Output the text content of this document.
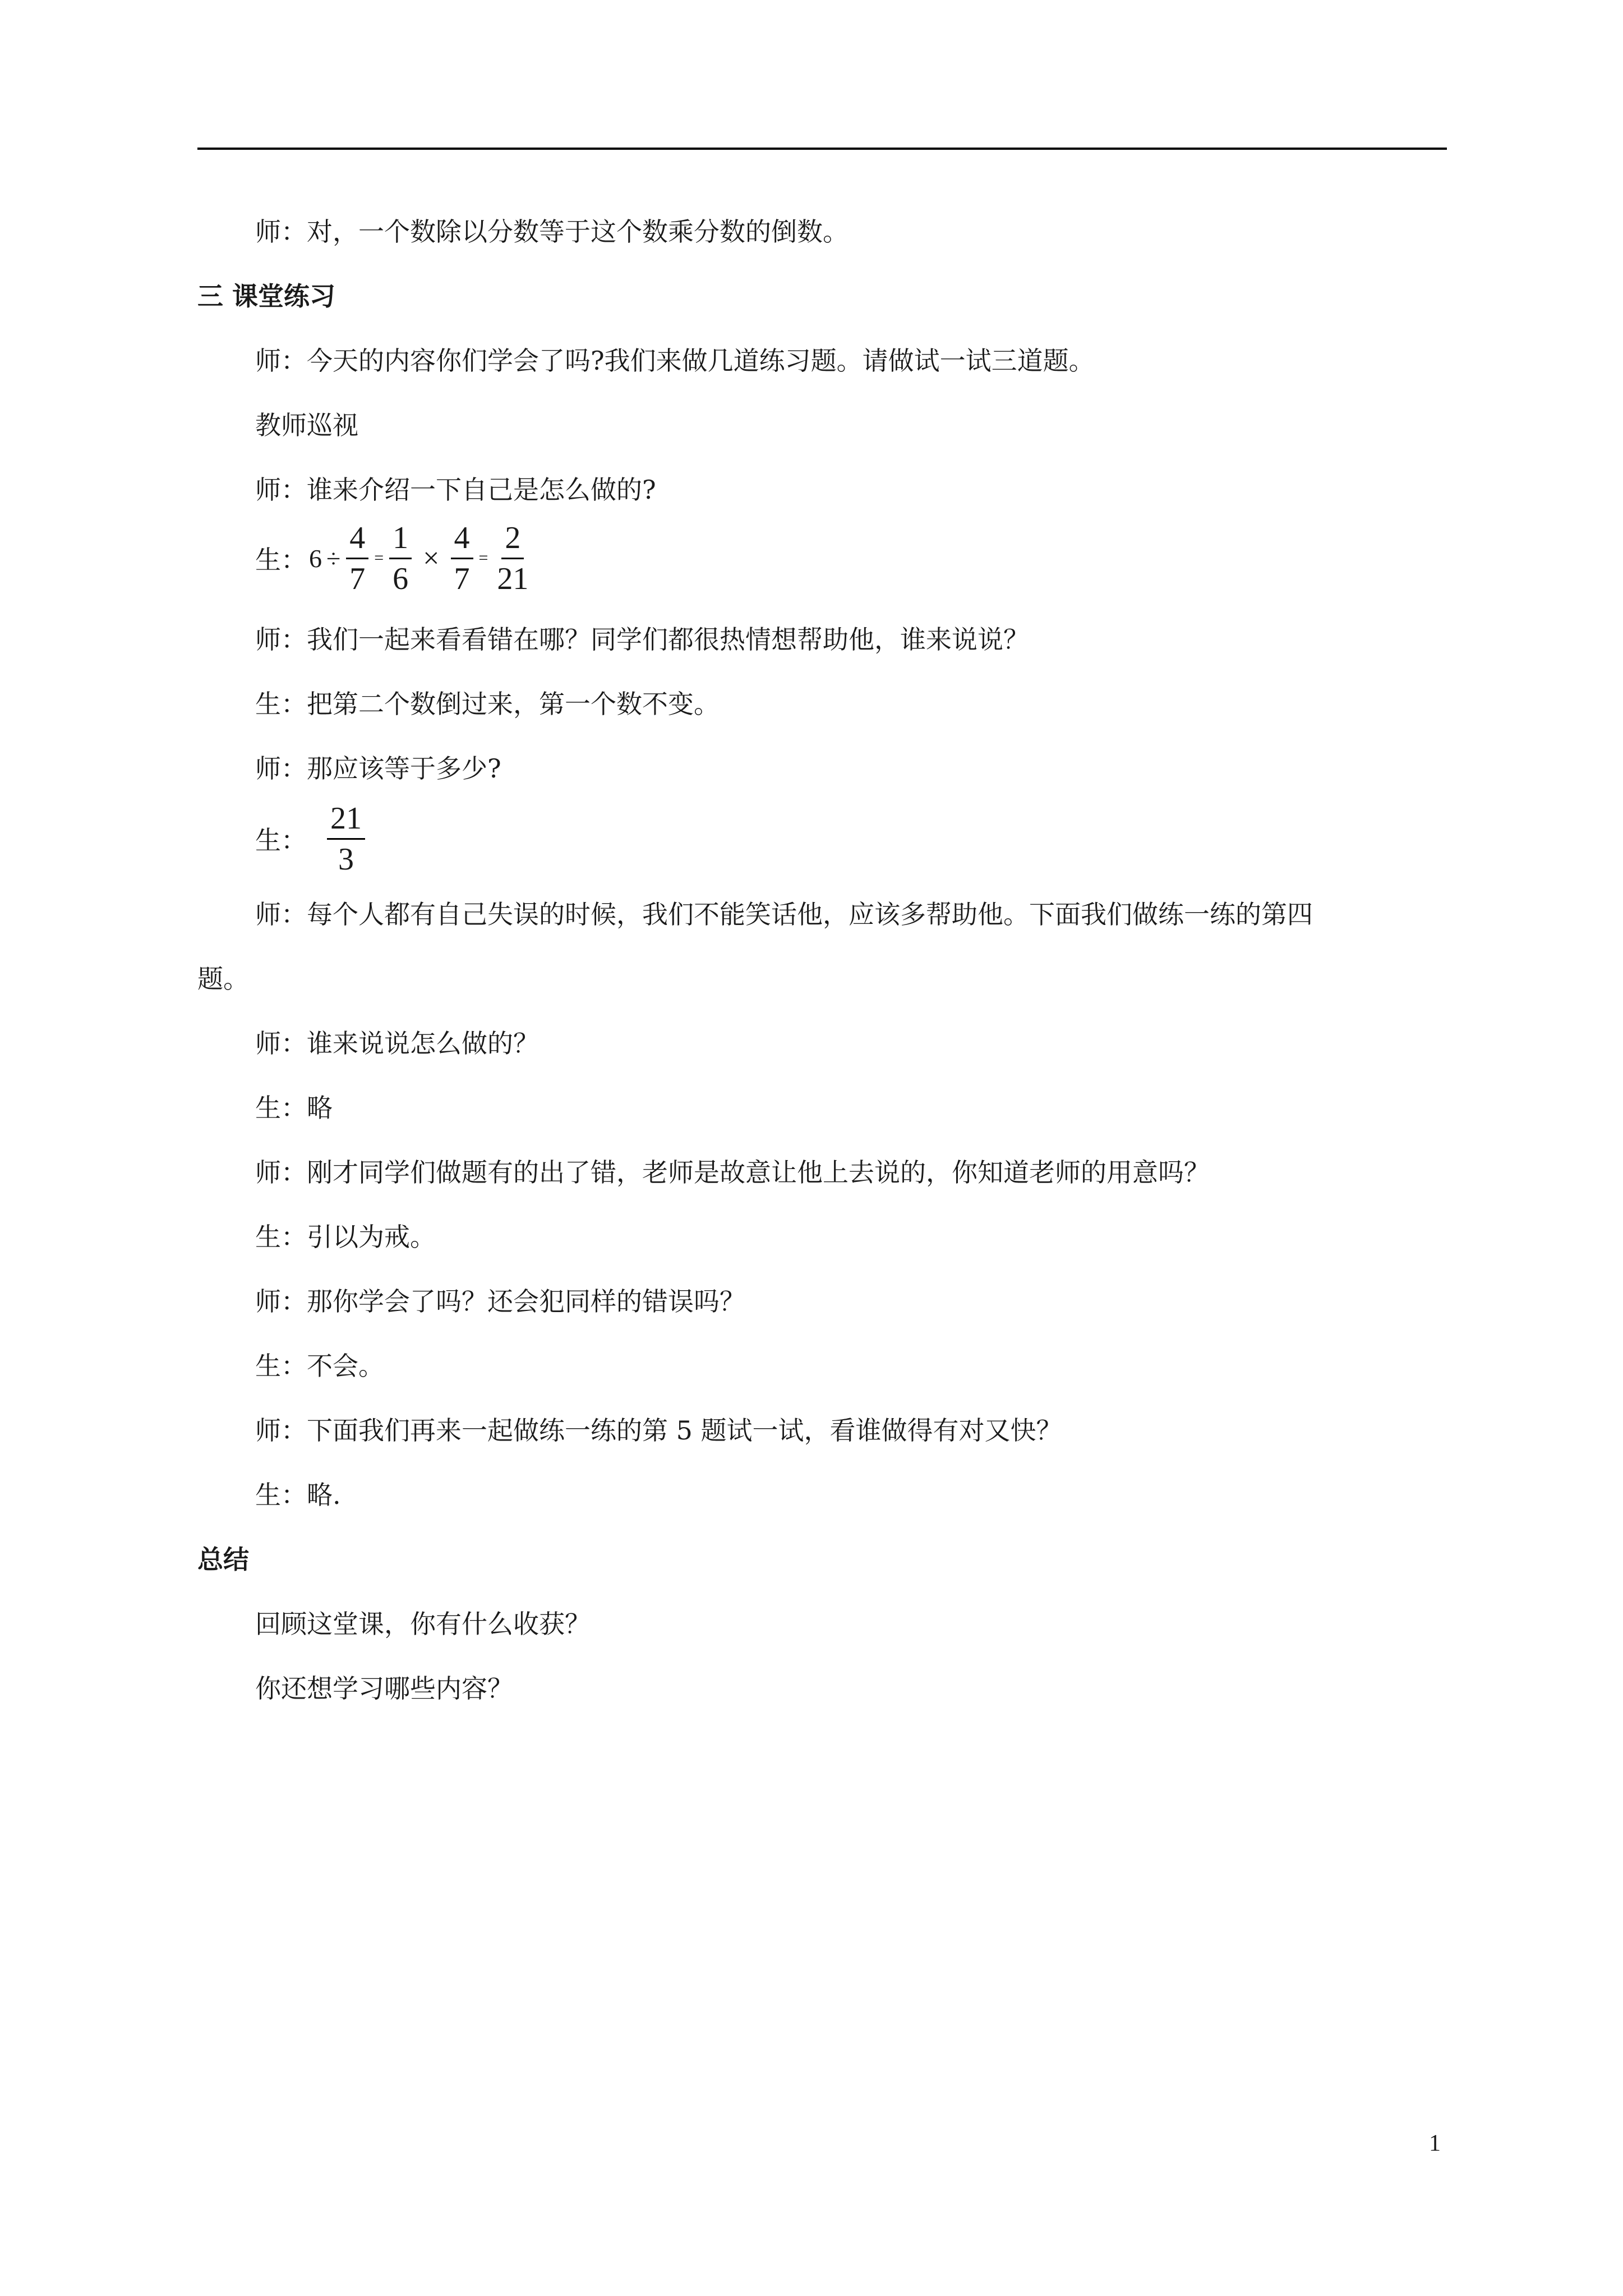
师：对，一个数除以分数等于这个数乘分数的倒数。
三 课堂练习
师：今天的内容你们学会了吗?我们来做几道练习题。请做试一试三道题。
教师巡视
师：谁来介绍一下自己是怎么做的?
生： $6 \div \frac{4}{7} = \frac{1}{6} \times \frac{4}{7} = \frac{2}{21}$
师：我们一起来看看错在哪？同学们都很热情想帮助他，谁来说说？
生：把第二个数倒过来，第一个数不变。
师：那应该等于多少?
生： $\frac{21}{3}$
师：每个人都有自己失误的时候，我们不能笑话他，应该多帮助他。下面我们做练一练的第四
题。
师：谁来说说怎么做的？
生：略
师：刚才同学们做题有的出了错，老师是故意让他上去说的，你知道老师的用意吗？
生：引以为戒。
师：那你学会了吗？还会犯同样的错误吗？
生：不会。
师：下面我们再来一起做练一练的第 5 题试一试，看谁做得有对又快？
生：略.
总结
回顾这堂课，你有什么收获？
你还想学习哪些内容？
1
